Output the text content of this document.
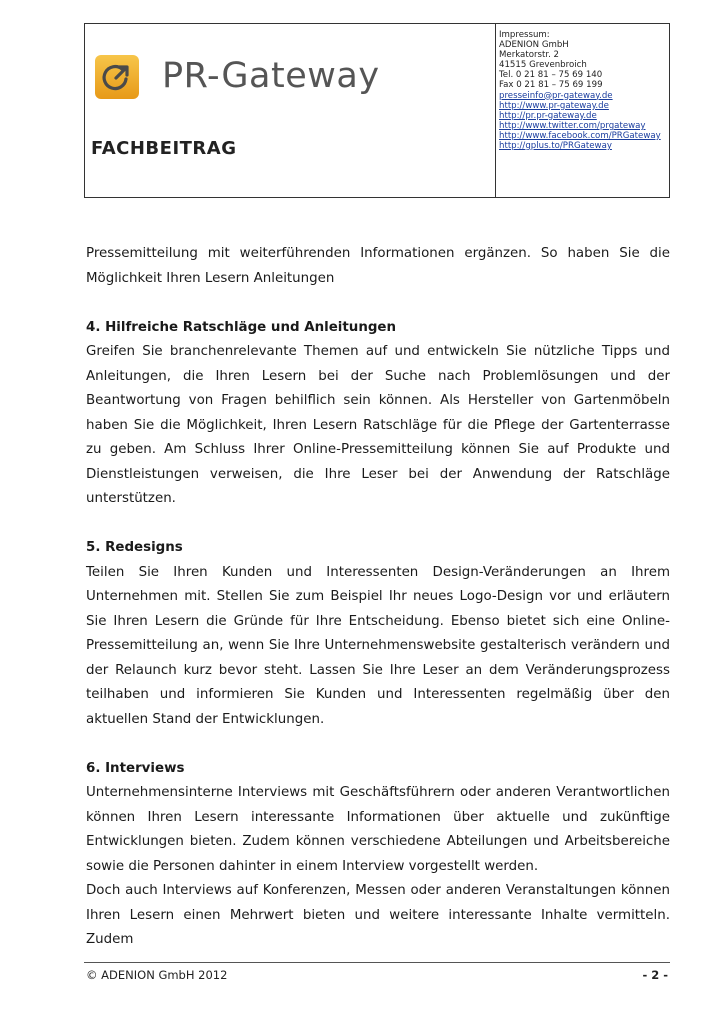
PR-Gateway
FACHBEITRAG
Impressum:
ADENION GmbH
Merkatorstr. 2
41515 Grevenbroich
Tel. 0 21 81 – 75 69 140
Fax 0 21 81 – 75 69 199
presseinfo@pr-gateway.de
http://www.pr-gateway.de
http://pr.pr-gateway.de
http://www.twitter.com/prgateway
http://www.facebook.com/PRGateway
http://gplus.to/PRGateway

Pressemitteilung mit weiterführenden Informationen ergänzen. So haben Sie die Möglichkeit Ihren Lesern Anleitungen

4. Hilfreiche Ratschläge und Anleitungen

Greifen Sie branchenrelevante Themen auf und entwickeln Sie nützliche Tipps und Anleitungen, die Ihren Lesern bei der Suche nach Problemlösungen und der Beantwortung von Fragen behilflich sein können. Als Hersteller von Gartenmöbeln haben Sie die Möglichkeit, Ihren Lesern Ratschläge für die Pflege der Gartenterrasse zu geben. Am Schluss Ihrer Online-Pressemitteilung können Sie auf Produkte und Dienstleistungen verweisen, die Ihre Leser bei der Anwendung der Ratschläge unterstützen.

5. Redesigns

Teilen Sie Ihren Kunden und Interessenten Design-Veränderungen an Ihrem Unternehmen mit. Stellen Sie zum Beispiel Ihr neues Logo-Design vor und erläutern Sie Ihren Lesern die Gründe für Ihre Entscheidung. Ebenso bietet sich eine Online-Pressemitteilung an, wenn Sie Ihre Unternehmenswebsite gestalterisch verändern und der Relaunch kurz bevor steht. Lassen Sie Ihre Leser an dem Veränderungsprozess teilhaben und informieren Sie Kunden und Interessenten regelmäßig über den aktuellen Stand der Entwicklungen.

6. Interviews

Unternehmensinterne Interviews mit Geschäftsführern oder anderen Verantwortlichen können Ihren Lesern interessante Informationen über aktuelle und zukünftige Entwicklungen bieten. Zudem können verschiedene Abteilungen und Arbeitsbereiche sowie die Personen dahinter in einem Interview vorgestellt werden.

Doch auch Interviews auf Konferenzen, Messen oder anderen Veranstaltungen können Ihren Lesern einen Mehrwert bieten und weitere interessante Inhalte vermitteln. Zudem

© ADENION GmbH 2012	- 2 -
